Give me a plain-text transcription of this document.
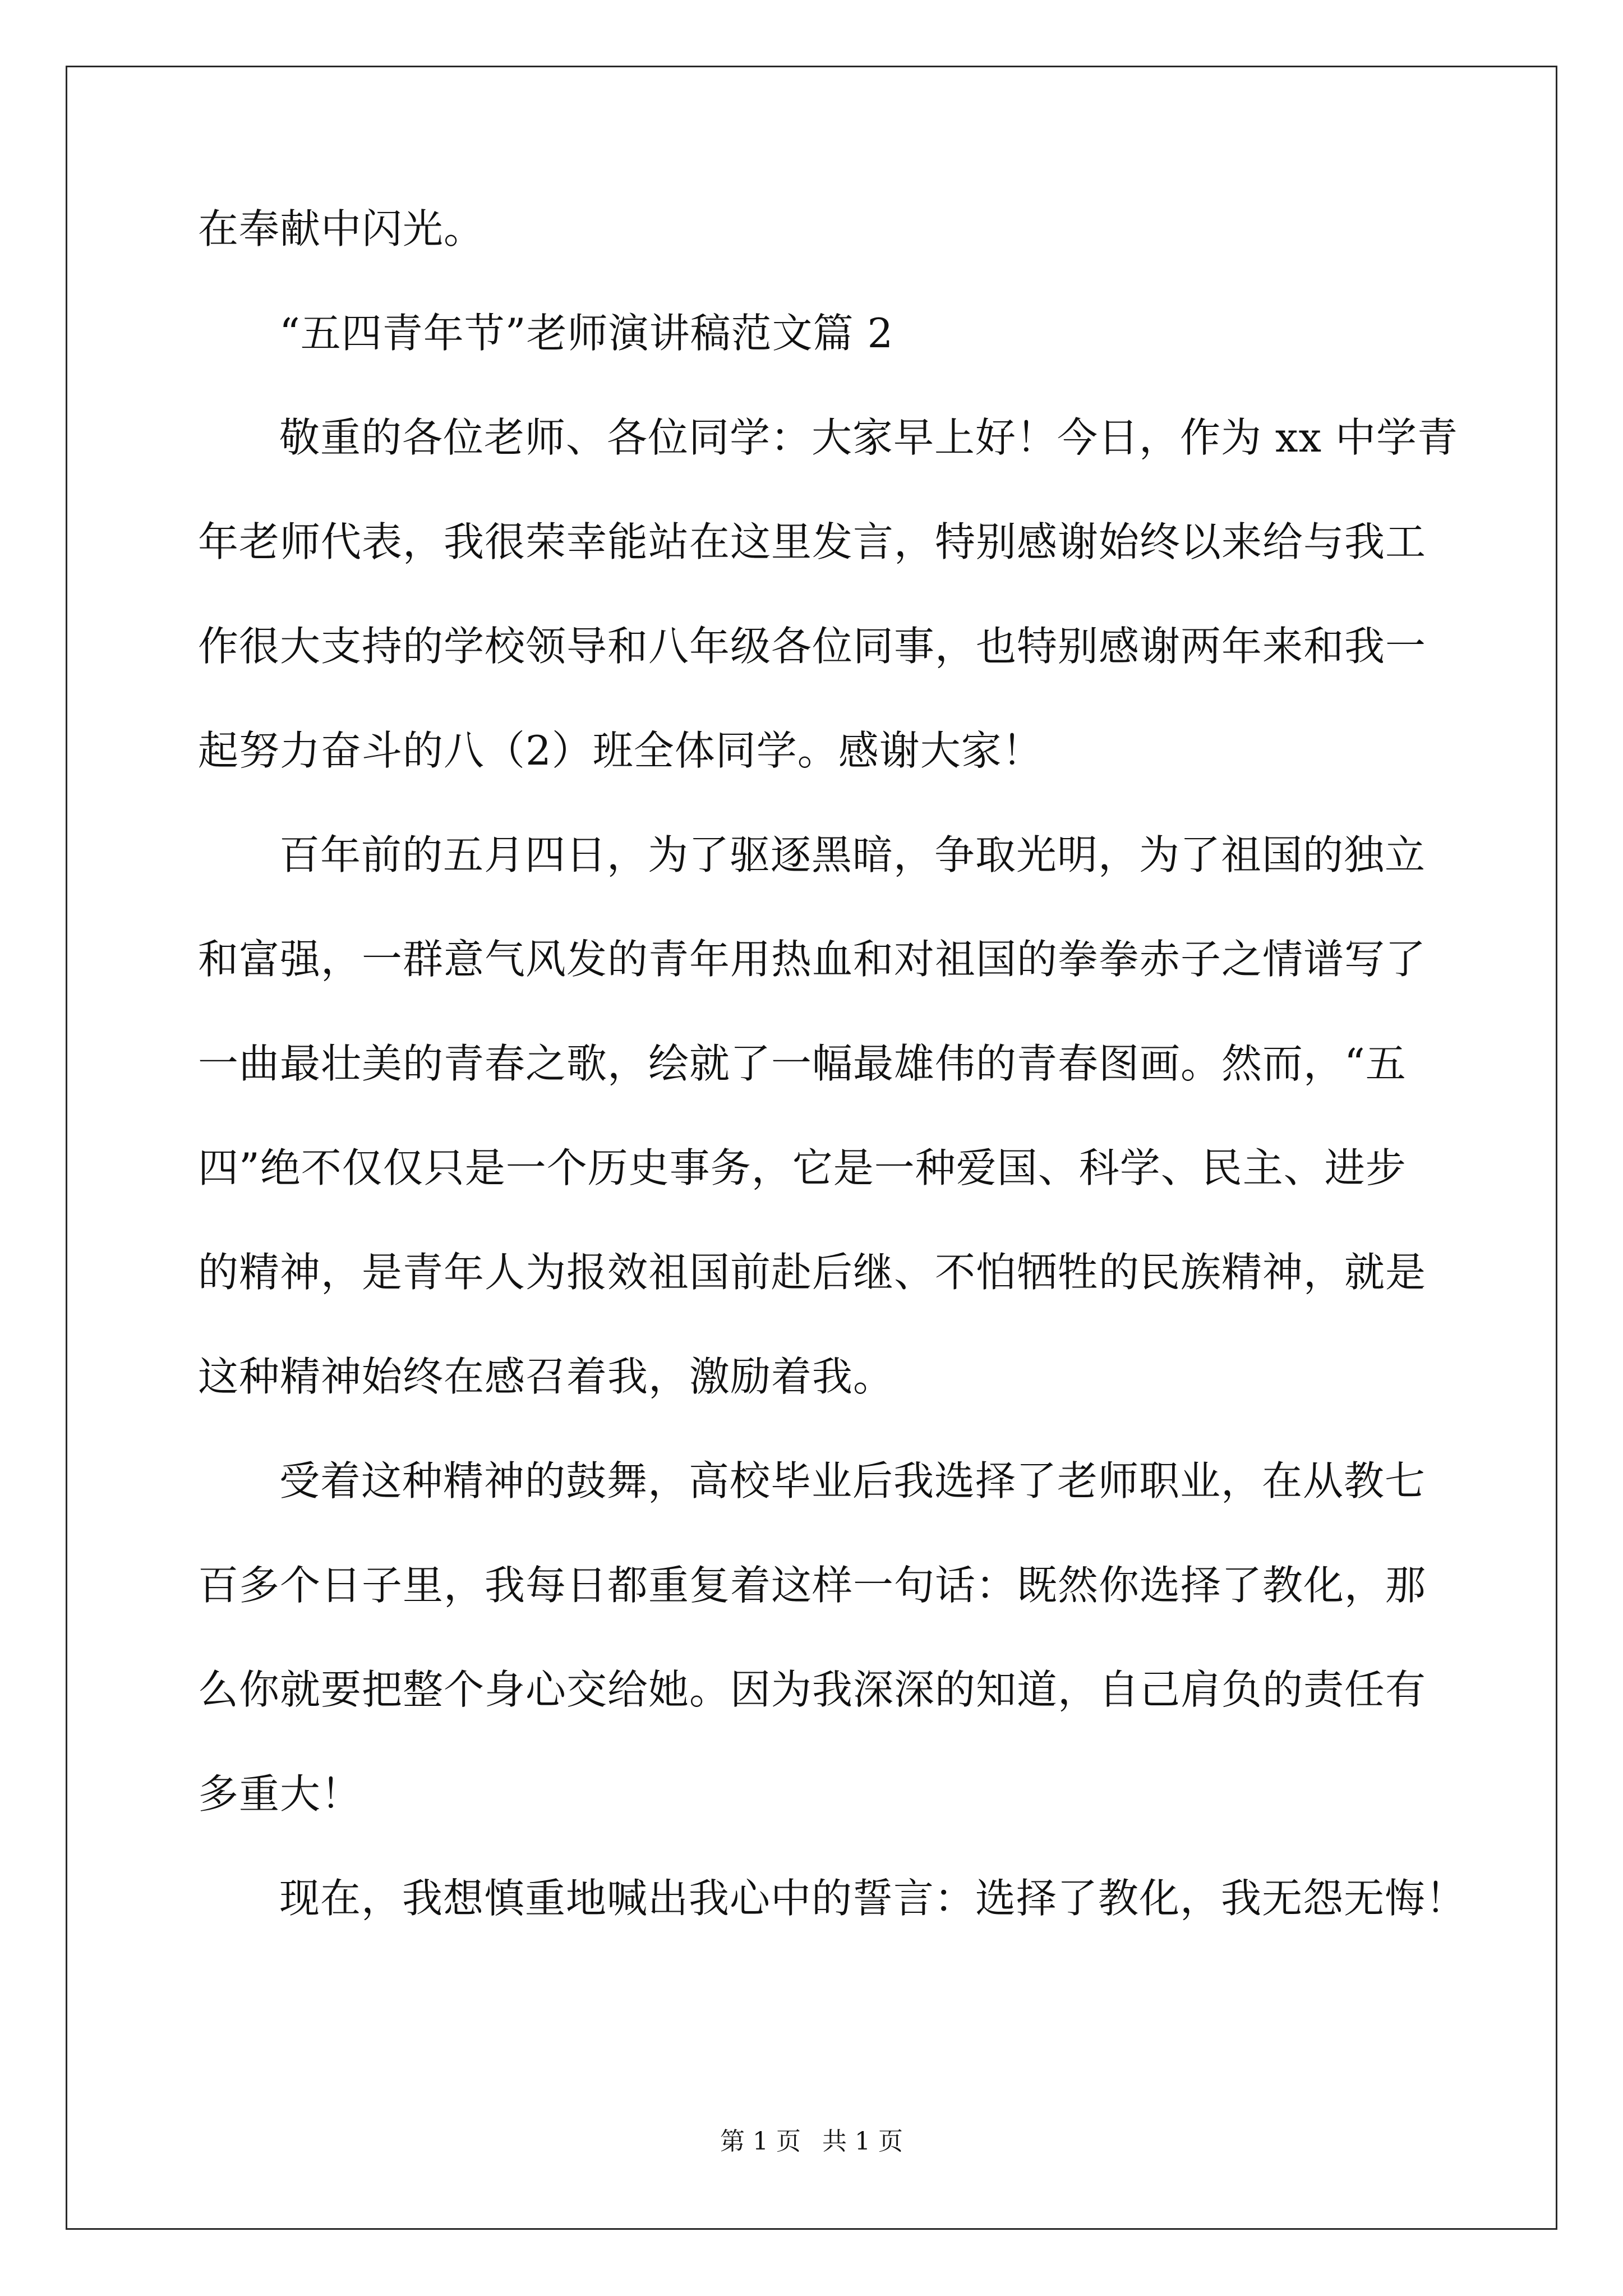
在奉献中闪光。
“五四青年节”老师演讲稿范文篇 2
敬重的各位老师、各位同学：大家早上好！今日，作为 xx 中学青
年老师代表，我很荣幸能站在这里发言，特别感谢始终以来给与我工
作很大支持的学校领导和八年级各位同事，也特别感谢两年来和我一
起努力奋斗的八（2）班全体同学。感谢大家！
百年前的五月四日，为了驱逐黑暗，争取光明，为了祖国的独立
和富强，一群意气风发的青年用热血和对祖国的拳拳赤子之情谱写了
一曲最壮美的青春之歌，绘就了一幅最雄伟的青春图画。然而，“五
四”绝不仅仅只是一个历史事务，它是一种爱国、科学、民主、进步
的精神，是青年人为报效祖国前赴后继、不怕牺牲的民族精神，就是
这种精神始终在感召着我，激励着我。
受着这种精神的鼓舞，高校毕业后我选择了老师职业，在从教七
百多个日子里，我每日都重复着这样一句话：既然你选择了教化，那
么你就要把整个身心交给她。因为我深深的知道，自己肩负的责任有
多重大！
现在，我想慎重地喊出我心中的誓言：选择了教化，我无怨无悔！
第 1 页 共 1 页
